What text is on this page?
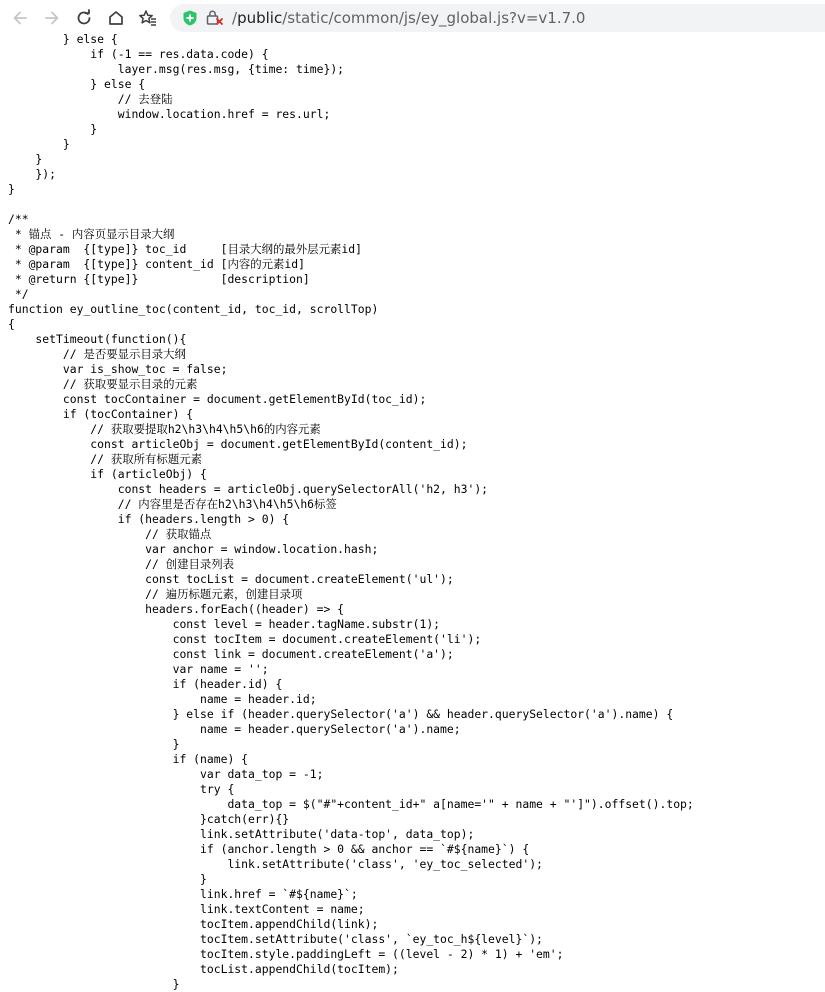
/public/static/common/js/ey_global.js?v=v1.7.0
} else {
if (-1 == res.data.code) {
layer.msg(res.msg, {time: time});
} else {
// 去登陆
window.location.href = res.url;
}
}
}
});
}
/**
* 锚点 - 内容页显示目录大纲
* @param  {[type]} toc_id     [目录大纲的最外层元素id]
* @param  {[type]} content_id [内容的元素id]
* @return {[type]}            [description]
*/
function ey_outline_toc(content_id, toc_id, scrollTop)
{
setTimeout(function(){
// 是否要显示目录大纲
var is_show_toc = false;
// 获取要显示目录的元素
const tocContainer = document.getElementById(toc_id);
if (tocContainer) {
// 获取要提取h2\h3\h4\h5\h6的内容元素
const articleObj = document.getElementById(content_id);
// 获取所有标题元素
if (articleObj) {
const headers = articleObj.querySelectorAll('h2, h3');
// 内容里是否存在h2\h3\h4\h5\h6标签
if (headers.length > 0) {
// 获取锚点
var anchor = window.location.hash;
// 创建目录列表
const tocList = document.createElement('ul');
// 遍历标题元素，创建目录项
headers.forEach((header) => {
const level = header.tagName.substr(1);
const tocItem = document.createElement('li');
const link = document.createElement('a');
var name = '';
if (header.id) {
name = header.id;
} else if (header.querySelector('a') && header.querySelector('a').name) {
name = header.querySelector('a').name;
}
if (name) {
var data_top = -1;
try {
data_top = $("#"+content_id+" a[name='" + name + "']").offset().top;
}catch(err){}
link.setAttribute('data-top', data_top);
if (anchor.length > 0 && anchor == `#${name}`) {
link.setAttribute('class', 'ey_toc_selected');
}
link.href = `#${name}`;
link.textContent = name;
tocItem.appendChild(link);
tocItem.setAttribute('class', `ey_toc_h${level}`);
tocItem.style.paddingLeft = ((level - 2) * 1) + 'em';
tocList.appendChild(tocItem);
}
